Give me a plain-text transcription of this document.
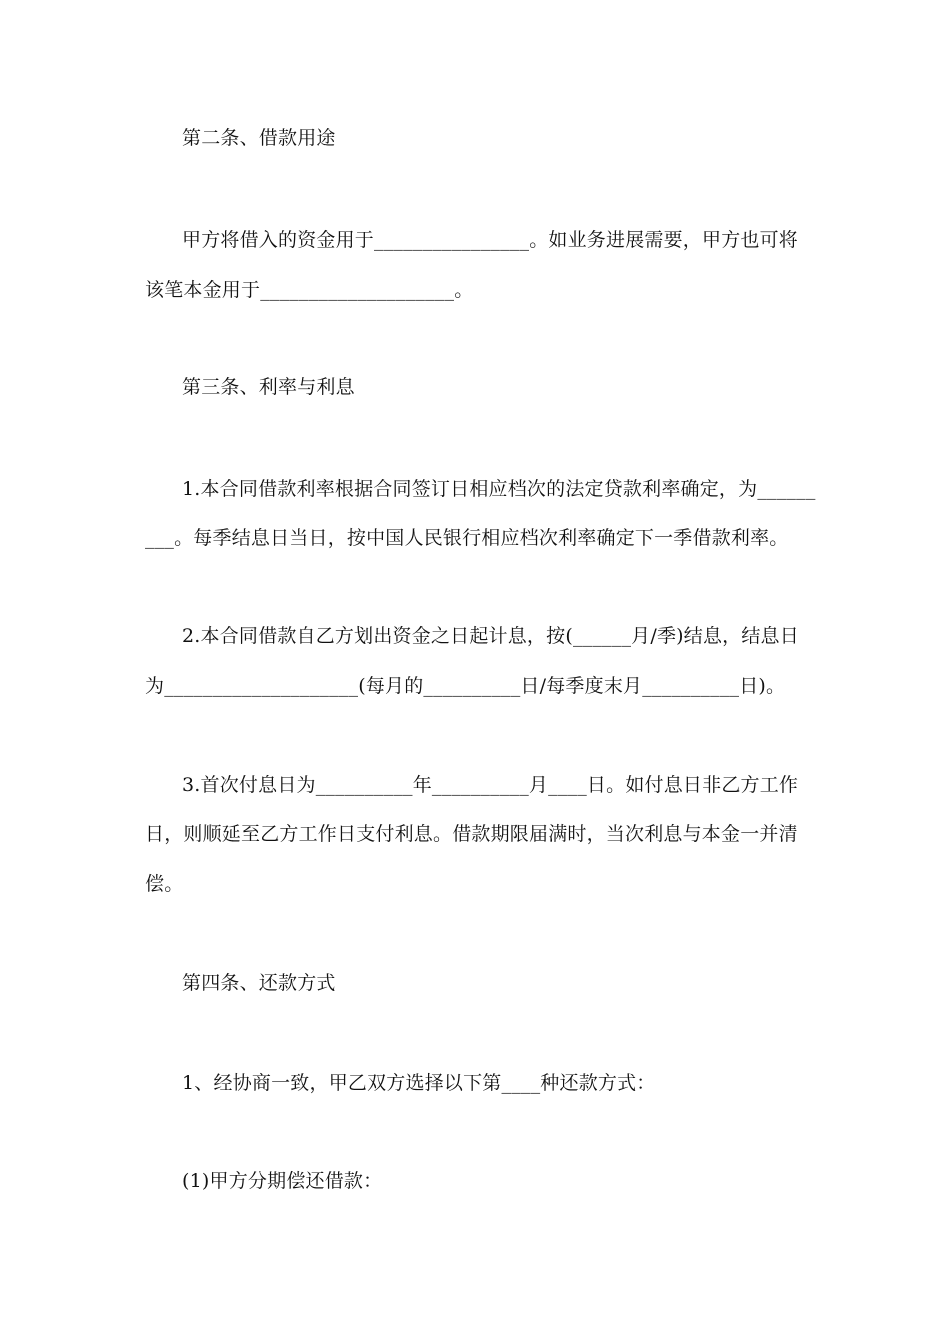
第二条、借款用途
甲方将借入的资金用于________________。如业务进展需要，甲方也可将
该笔本金用于____________________。
第三条、利率与利息
1.本合同借款利率根据合同签订日相应档次的法定贷款利率确定，为______
___。每季结息日当日，按中国人民银行相应档次利率确定下一季借款利率。
2.本合同借款自乙方划出资金之日起计息，按(______月/季)结息，结息日
为____________________(每月的__________日/每季度末月__________日)。
3.首次付息日为__________年__________月____日。如付息日非乙方工作
日，则顺延至乙方工作日支付利息。借款期限届满时，当次利息与本金一并清
偿。
第四条、还款方式
1、经协商一致，甲乙双方选择以下第____种还款方式：
(1)甲方分期偿还借款：
